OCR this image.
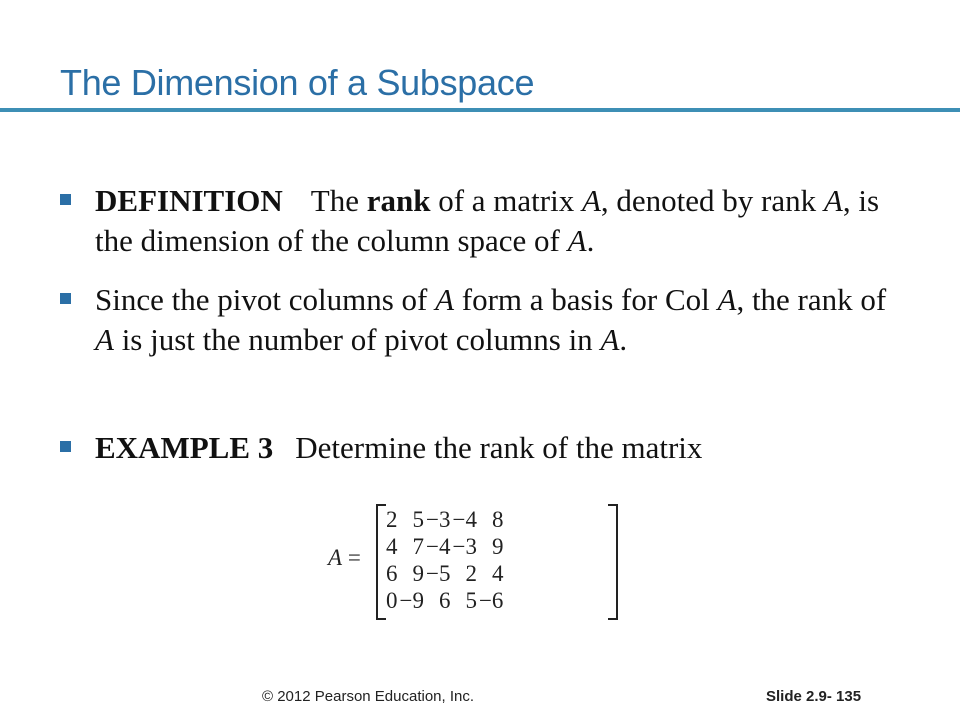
The Dimension of a Subspace
DEFINITION The rank of a matrix A, denoted by rank A, is the dimension of the column space of A.
Since the pivot columns of A form a basis for Col A, the rank of A is just the number of pivot columns in A.
EXAMPLE 3 Determine the rank of the matrix
A =
2	5	−3	−4	8
4	7	−4	−3	9
6	9	−5	2	4
0	−9	6	5	−6
© 2012 Pearson Education, Inc.	Slide 2.9- 135
